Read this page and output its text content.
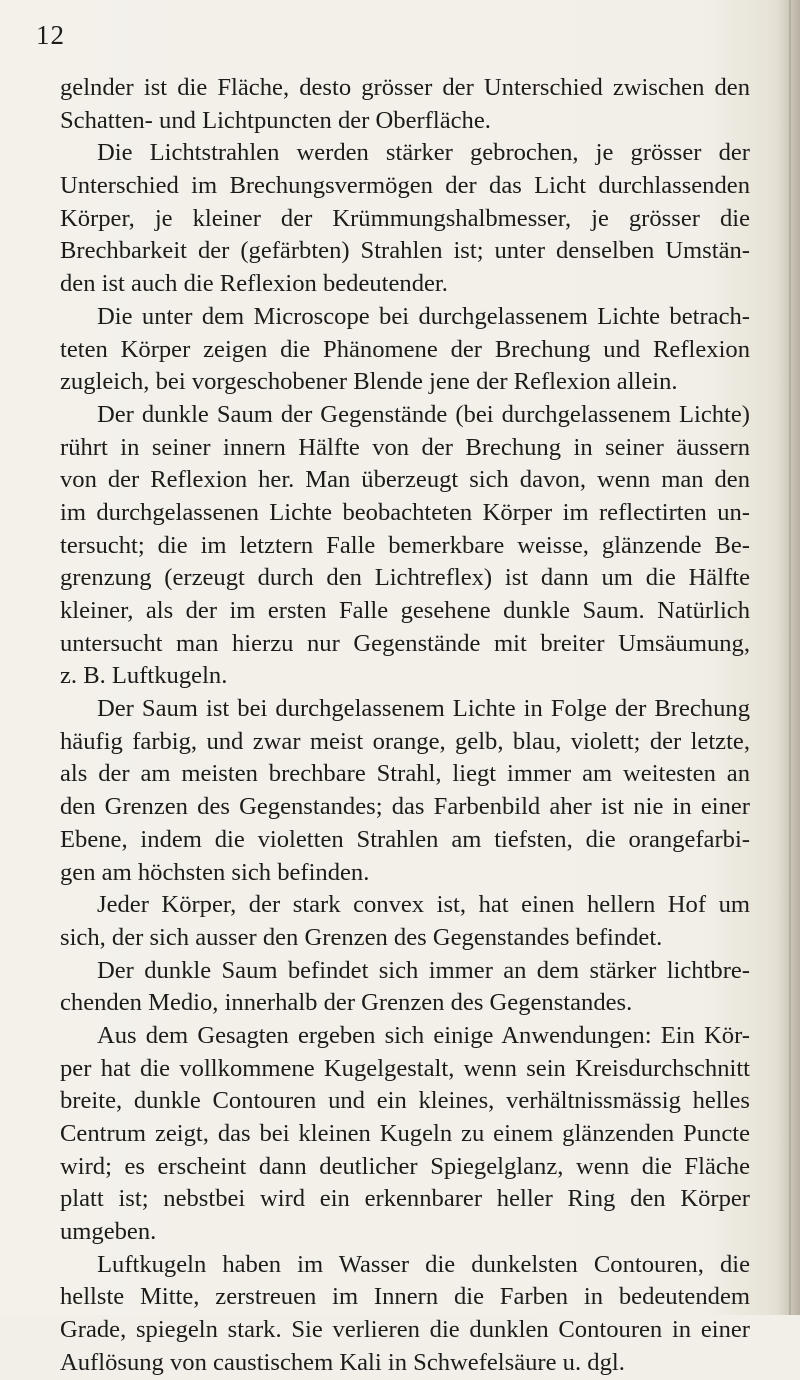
12
gelnder ist die Fläche, desto grösser der Unterschied zwischen den
Schatten- und Lichtpuncten der Oberfläche.
Die Lichtstrahlen werden stärker gebrochen, je grösser der
Unterschied im Brechungsvermögen der das Licht durchlassenden
Körper, je kleiner der Krümmungshalbmesser, je grösser die
Brechbarkeit der (gefärbten) Strahlen ist; unter denselben Umstän-
den ist auch die Reflexion bedeutender.
Die unter dem Microscope bei durchgelassenem Lichte betrach-
teten Körper zeigen die Phänomene der Brechung und Reflexion
zugleich, bei vorgeschobener Blende jene der Reflexion allein.
Der dunkle Saum der Gegenstände (bei durchgelassenem Lichte)
rührt in seiner innern Hälfte von der Brechung in seiner äussern
von der Reflexion her. Man überzeugt sich davon, wenn man den
im durchgelassenen Lichte beobachteten Körper im reflectirten un-
tersucht; die im letztern Falle bemerkbare weisse, glänzende Be-
grenzung (erzeugt durch den Lichtreflex) ist dann um die Hälfte
kleiner, als der im ersten Falle gesehene dunkle Saum. Natürlich
untersucht man hierzu nur Gegenstände mit breiter Umsäumung,
z. B. Luftkugeln.
Der Saum ist bei durchgelassenem Lichte in Folge der Brechung
häufig farbig, und zwar meist orange, gelb, blau, violett; der letzte,
als der am meisten brechbare Strahl, liegt immer am weitesten an
den Grenzen des Gegenstandes; das Farbenbild aher ist nie in einer
Ebene, indem die violetten Strahlen am tiefsten, die orangefarbi-
gen am höchsten sich befinden.
Jeder Körper, der stark convex ist, hat einen hellern Hof um
sich, der sich ausser den Grenzen des Gegenstandes befindet.
Der dunkle Saum befindet sich immer an dem stärker lichtbre-
chenden Medio, innerhalb der Grenzen des Gegenstandes.
Aus dem Gesagten ergeben sich einige Anwendungen: Ein Kör-
per hat die vollkommene Kugelgestalt, wenn sein Kreisdurchschnitt
breite, dunkle Contouren und ein kleines, verhältnissmässig helles
Centrum zeigt, das bei kleinen Kugeln zu einem glänzenden Puncte
wird; es erscheint dann deutlicher Spiegelglanz, wenn die Fläche
platt ist; nebstbei wird ein erkennbarer heller Ring den Körper
umgeben.
Luftkugeln haben im Wasser die dunkelsten Contouren, die
hellste Mitte, zerstreuen im Innern die Farben in bedeutendem
Grade, spiegeln stark. Sie verlieren die dunklen Contouren in einer
Auflösung von caustischem Kali in Schwefelsäure u. dgl.
